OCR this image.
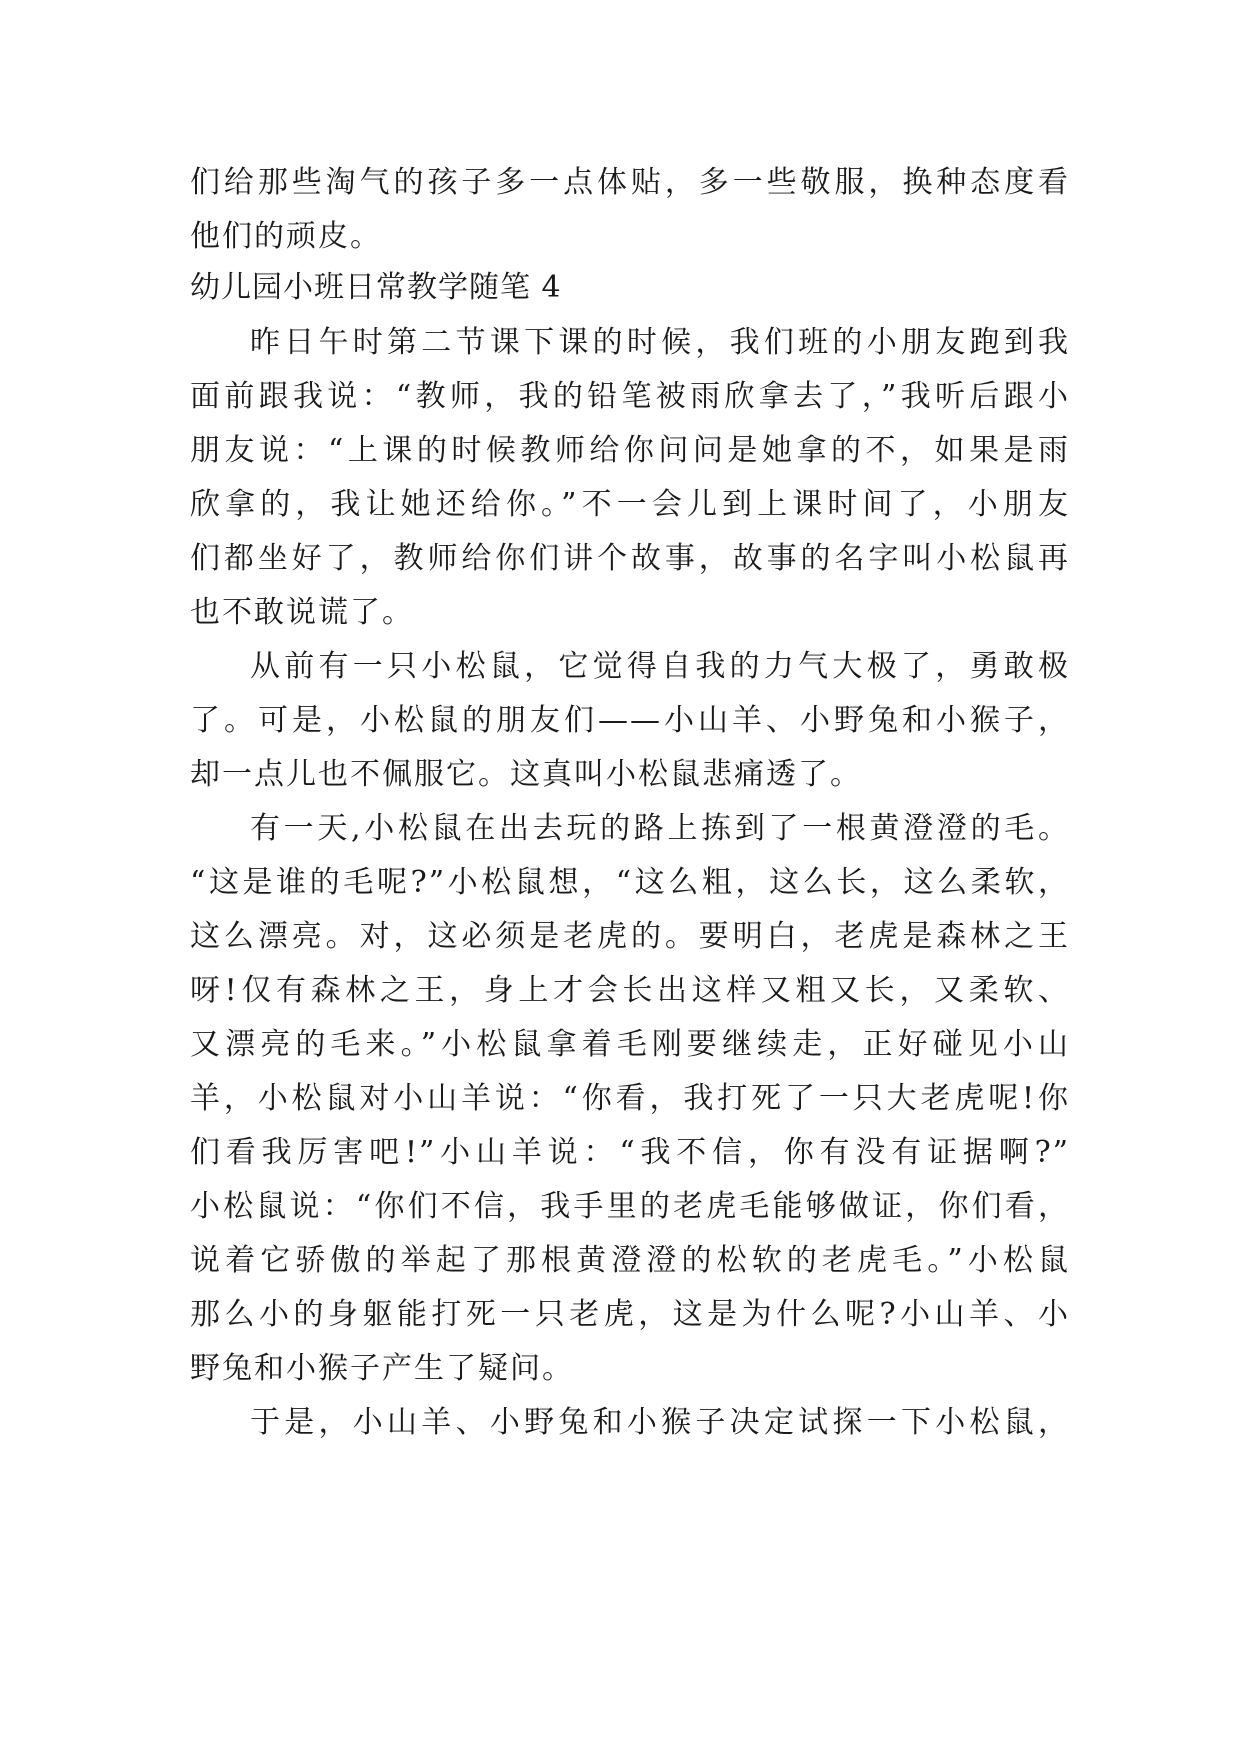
们给那些淘气的孩子多一点体贴，多一些敬服，换种态度看
他们的顽皮。
幼儿园小班日常教学随笔 4
昨日午时第二节课下课的时候，我们班的小朋友跑到我
面前跟我说：“教师，我的铅笔被雨欣拿去了，”我听后跟小
朋友说：“上课的时候教师给你问问是她拿的不，如果是雨
欣拿的，我让她还给你。”不一会儿到上课时间了，小朋友
们都坐好了，教师给你们讲个故事，故事的名字叫小松鼠再
也不敢说谎了。
从前有一只小松鼠，它觉得自我的力气大极了，勇敢极
了。可是，小松鼠的朋友们——小山羊、小野兔和小猴子，
却一点儿也不佩服它。这真叫小松鼠悲痛透了。
有一天,小松鼠在出去玩的路上拣到了一根黄澄澄的毛。
“这是谁的毛呢?”小松鼠想，“这么粗，这么长，这么柔软，
这么漂亮。对，这必须是老虎的。要明白，老虎是森林之王
呀!仅有森林之王，身上才会长出这样又粗又长，又柔软、
又漂亮的毛来。”小松鼠拿着毛刚要继续走，正好碰见小山
羊，小松鼠对小山羊说：“你看，我打死了一只大老虎呢!你
们看我厉害吧!”小山羊说：“我不信，你有没有证据啊?”
小松鼠说：“你们不信，我手里的老虎毛能够做证，你们看，
说着它骄傲的举起了那根黄澄澄的松软的老虎毛。”小松鼠
那么小的身躯能打死一只老虎，这是为什么呢?小山羊、小
野兔和小猴子产生了疑问。
于是，小山羊、小野兔和小猴子决定试探一下小松鼠，
